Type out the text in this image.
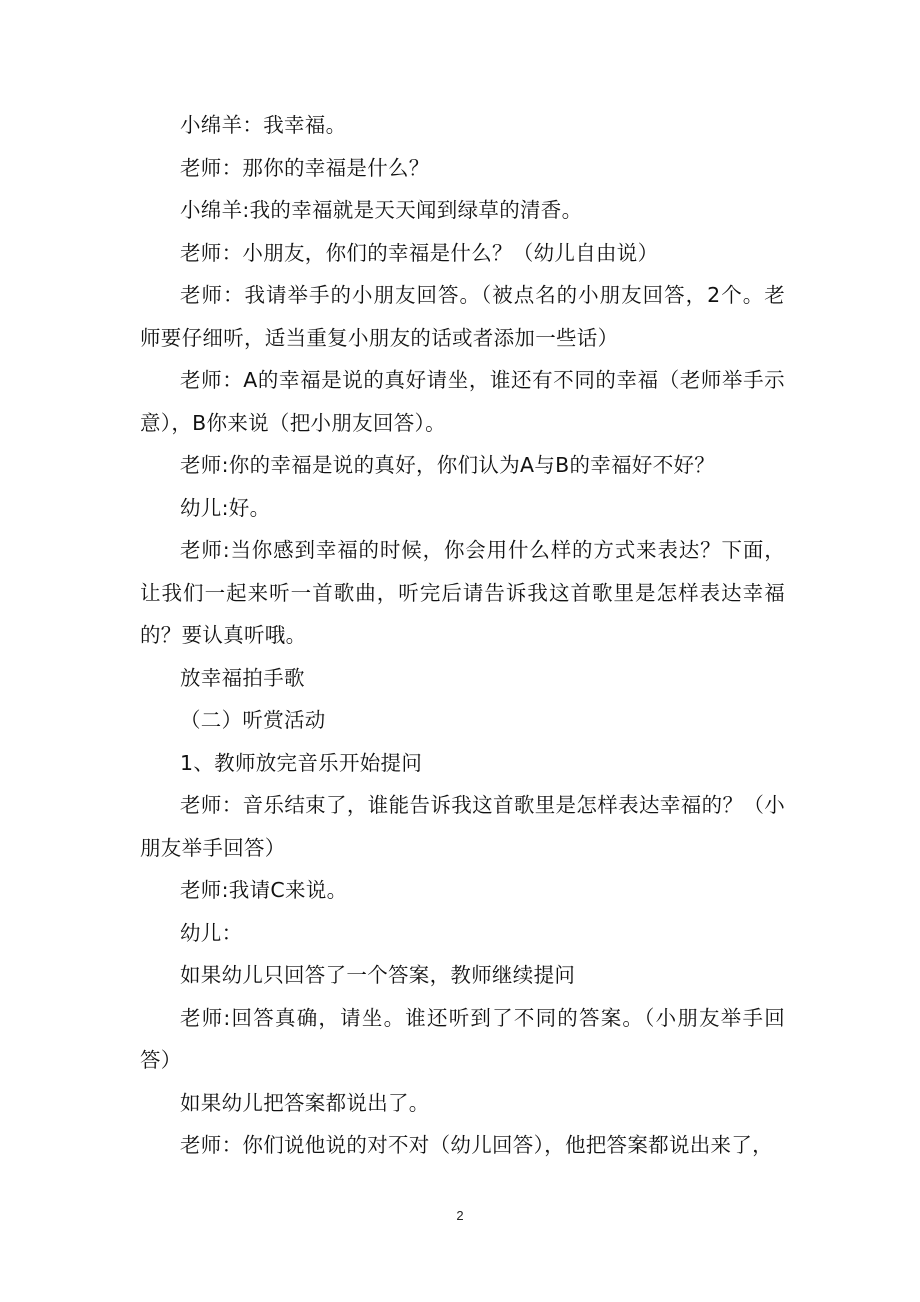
小绵羊：我幸福。

老师：那你的幸福是什么？

小绵羊:我的幸福就是天天闻到绿草的清香。

老师：小朋友，你们的幸福是什么？（幼儿自由说）

老师：我请举手的小朋友回答。（被点名的小朋友回答，2个。老师要仔细听，适当重复小朋友的话或者添加一些话）

老师：A的幸福是说的真好请坐，谁还有不同的幸福（老师举手示意），B你来说（把小朋友回答）。

老师:你的幸福是说的真好，你们认为A与B的幸福好不好？

幼儿:好。

老师:当你感到幸福的时候，你会用什么样的方式来表达？下面，让我们一起来听一首歌曲，听完后请告诉我这首歌里是怎样表达幸福的？要认真听哦。

放幸福拍手歌

（二）听赏活动

1、教师放完音乐开始提问

老师：音乐结束了，谁能告诉我这首歌里是怎样表达幸福的？（小朋友举手回答）

老师:我请C来说。

幼儿：

如果幼儿只回答了一个答案，教师继续提问

老师:回答真确，请坐。谁还听到了不同的答案。（小朋友举手回答）

如果幼儿把答案都说出了。

老师：你们说他说的对不对（幼儿回答），他把答案都说出来了，

2
